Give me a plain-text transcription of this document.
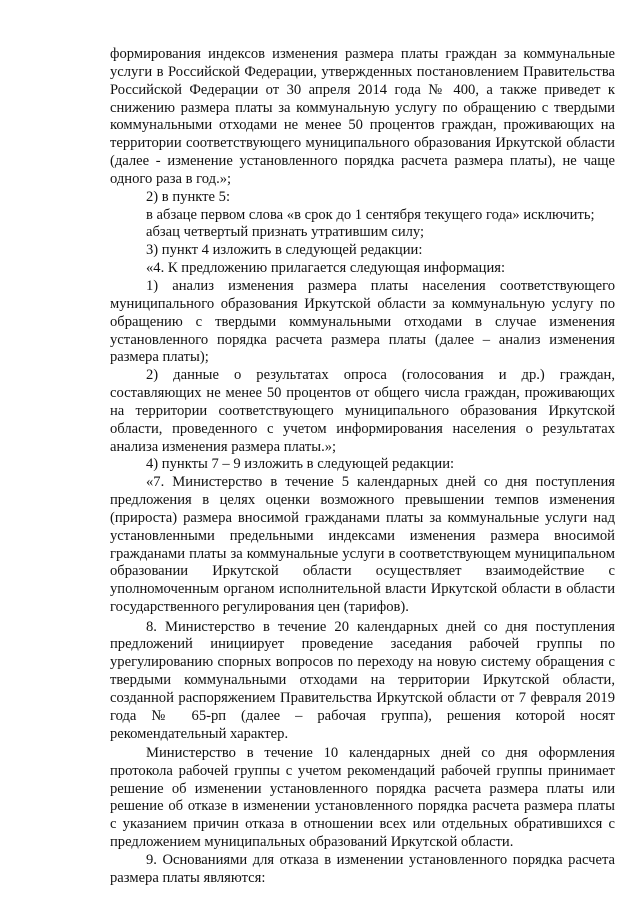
формирования индексов изменения размера платы граждан за коммунальные услуги в Российской Федерации, утвержденных постановлением Правительства Российской Федерации от 30 апреля 2014 года № 400, а также приведет к снижению размера платы за коммунальную услугу по обращению с твердыми коммунальными отходами не менее 50 процентов граждан, проживающих на территории соответствующего муниципального образования Иркутской области (далее - изменение установленного порядка расчета размера платы), не чаще одного раза в год.»;

2) в пункте 5:

в абзаце первом слова «в срок до 1 сентября текущего года» исключить;

абзац четвертый признать утратившим силу;

3) пункт 4 изложить в следующей редакции:

«4. К предложению прилагается следующая информация:

1) анализ изменения размера платы населения соответствующего муниципального образования Иркутской области за коммунальную услугу по обращению с твердыми коммунальными отходами в случае изменения установленного порядка расчета размера платы (далее – анализ изменения размера платы);

2) данные о результатах опроса (голосования и др.) граждан, составляющих не менее 50 процентов от общего числа граждан, проживающих на территории соответствующего муниципального образования Иркутской области, проведенного с учетом информирования населения о результатах анализа изменения размера платы.»;

4) пункты 7 – 9 изложить в следующей редакции:

«7. Министерство в течение 5 календарных дней со дня поступления предложения в целях оценки возможного превышении темпов изменения (прироста) размера вносимой гражданами платы за коммунальные услуги над установленными предельными индексами изменения размера вносимой гражданами платы за коммунальные услуги в соответствующем муниципальном образовании Иркутской области осуществляет взаимодействие с уполномоченным органом исполнительной власти Иркутской области в области государственного регулирования цен (тарифов).

8. Министерство в течение 20 календарных дней со дня поступления предложений инициирует проведение заседания рабочей группы по урегулированию спорных вопросов по переходу на новую систему обращения с твердыми коммунальными отходами на территории Иркутской области, созданной распоряжением Правительства Иркутской области от 7 февраля 2019 года № 65-рп (далее – рабочая группа), решения которой носят рекомендательный характер.

Министерство в течение 10 календарных дней со дня оформления протокола рабочей группы с учетом рекомендаций рабочей группы принимает решение об изменении установленного порядка расчета размера платы или решение об отказе в изменении установленного порядка расчета размера платы с указанием причин отказа в отношении всех или отдельных обратившихся с предложением муниципальных образований Иркутской области.

9. Основаниями для отказа в изменении установленного порядка расчета размера платы являются:
